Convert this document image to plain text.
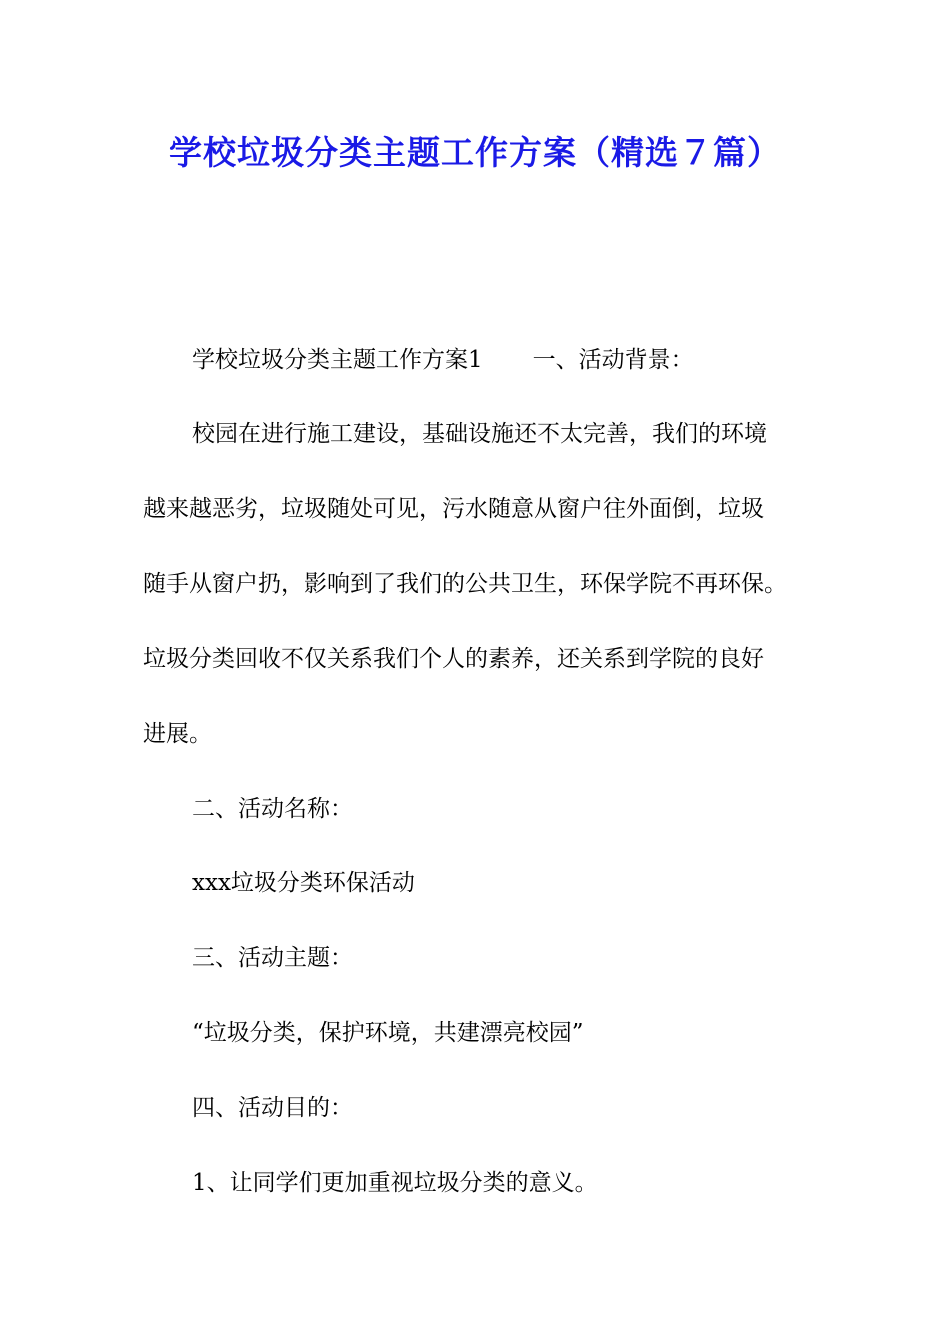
学校垃圾分类主题工作方案（精选７篇）
学校垃圾分类主题工作方案1 一、活动背景：
校园在进行施工建设，基础设施还不太完善，我们的环境
越来越恶劣，垃圾随处可见，污水随意从窗户往外面倒，垃圾
随手从窗户扔，影响到了我们的公共卫生，环保学院不再环保。
垃圾分类回收不仅关系我们个人的素养，还关系到学院的良好
进展。
二、活动名称：
xxx垃圾分类环保活动
三、活动主题：
“垃圾分类，保护环境，共建漂亮校园”
四、活动目的：
1、让同学们更加重视垃圾分类的意义。
